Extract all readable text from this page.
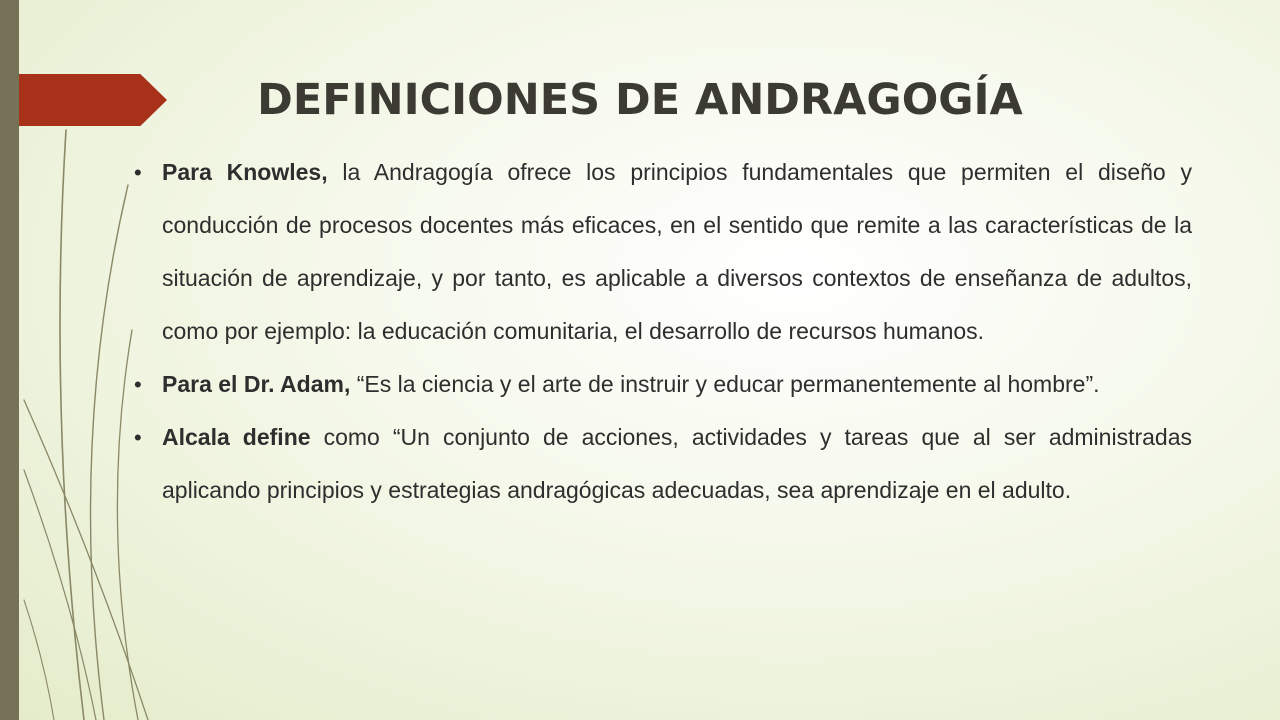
DEFINICIONES DE ANDRAGOGÍA
• Para Knowles, la Andragogía ofrece los principios fundamentales que permiten el diseño y conducción de procesos docentes más eficaces, en el sentido que remite a las características de la situación de aprendizaje, y por tanto, es aplicable a diversos contextos de enseñanza de adultos, como por ejemplo: la educación comunitaria, el desarrollo de recursos humanos.
• Para el Dr. Adam, “Es la ciencia y el arte de instruir y educar permanentemente al hombre”.
• Alcala define como “Un conjunto de acciones, actividades y tareas que al ser administradas aplicando principios y estrategias andragógicas adecuadas, sea aprendizaje en el adulto.
